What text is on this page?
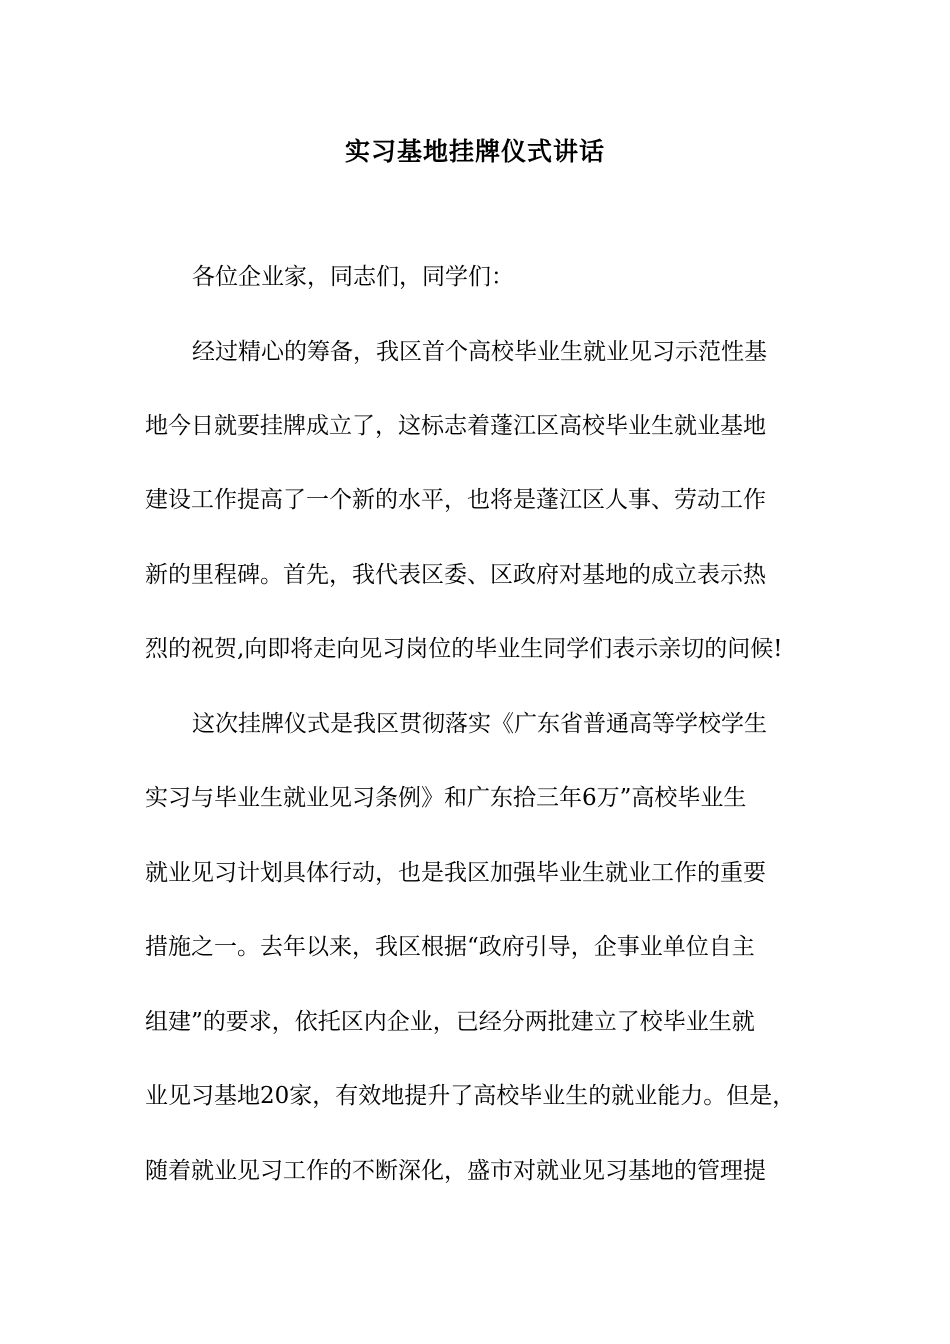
实习基地挂牌仪式讲话
各位企业家，同志们，同学们：
经过精心的筹备，我区首个高校毕业生就业见习示范性基
地今日就要挂牌成立了，这标志着蓬江区高校毕业生就业基地
建设工作提高了一个新的水平，也将是蓬江区人事、劳动工作
新的里程碑。首先，我代表区委、区政府对基地的成立表示热
烈的祝贺,向即将走向见习岗位的毕业生同学们表示亲切的问候!
这次挂牌仪式是我区贯彻落实《广东省普通高等学校学生
实习与毕业生就业见习条例》和广东拾三年6万”高校毕业生
就业见习计划具体行动，也是我区加强毕业生就业工作的重要
措施之一。去年以来，我区根据“政府引导，企事业单位自主
组建”的要求，依托区内企业，已经分两批建立了校毕业生就
业见习基地20家，有效地提升了高校毕业生的就业能力。但是，
随着就业见习工作的不断深化，盛市对就业见习基地的管理提
